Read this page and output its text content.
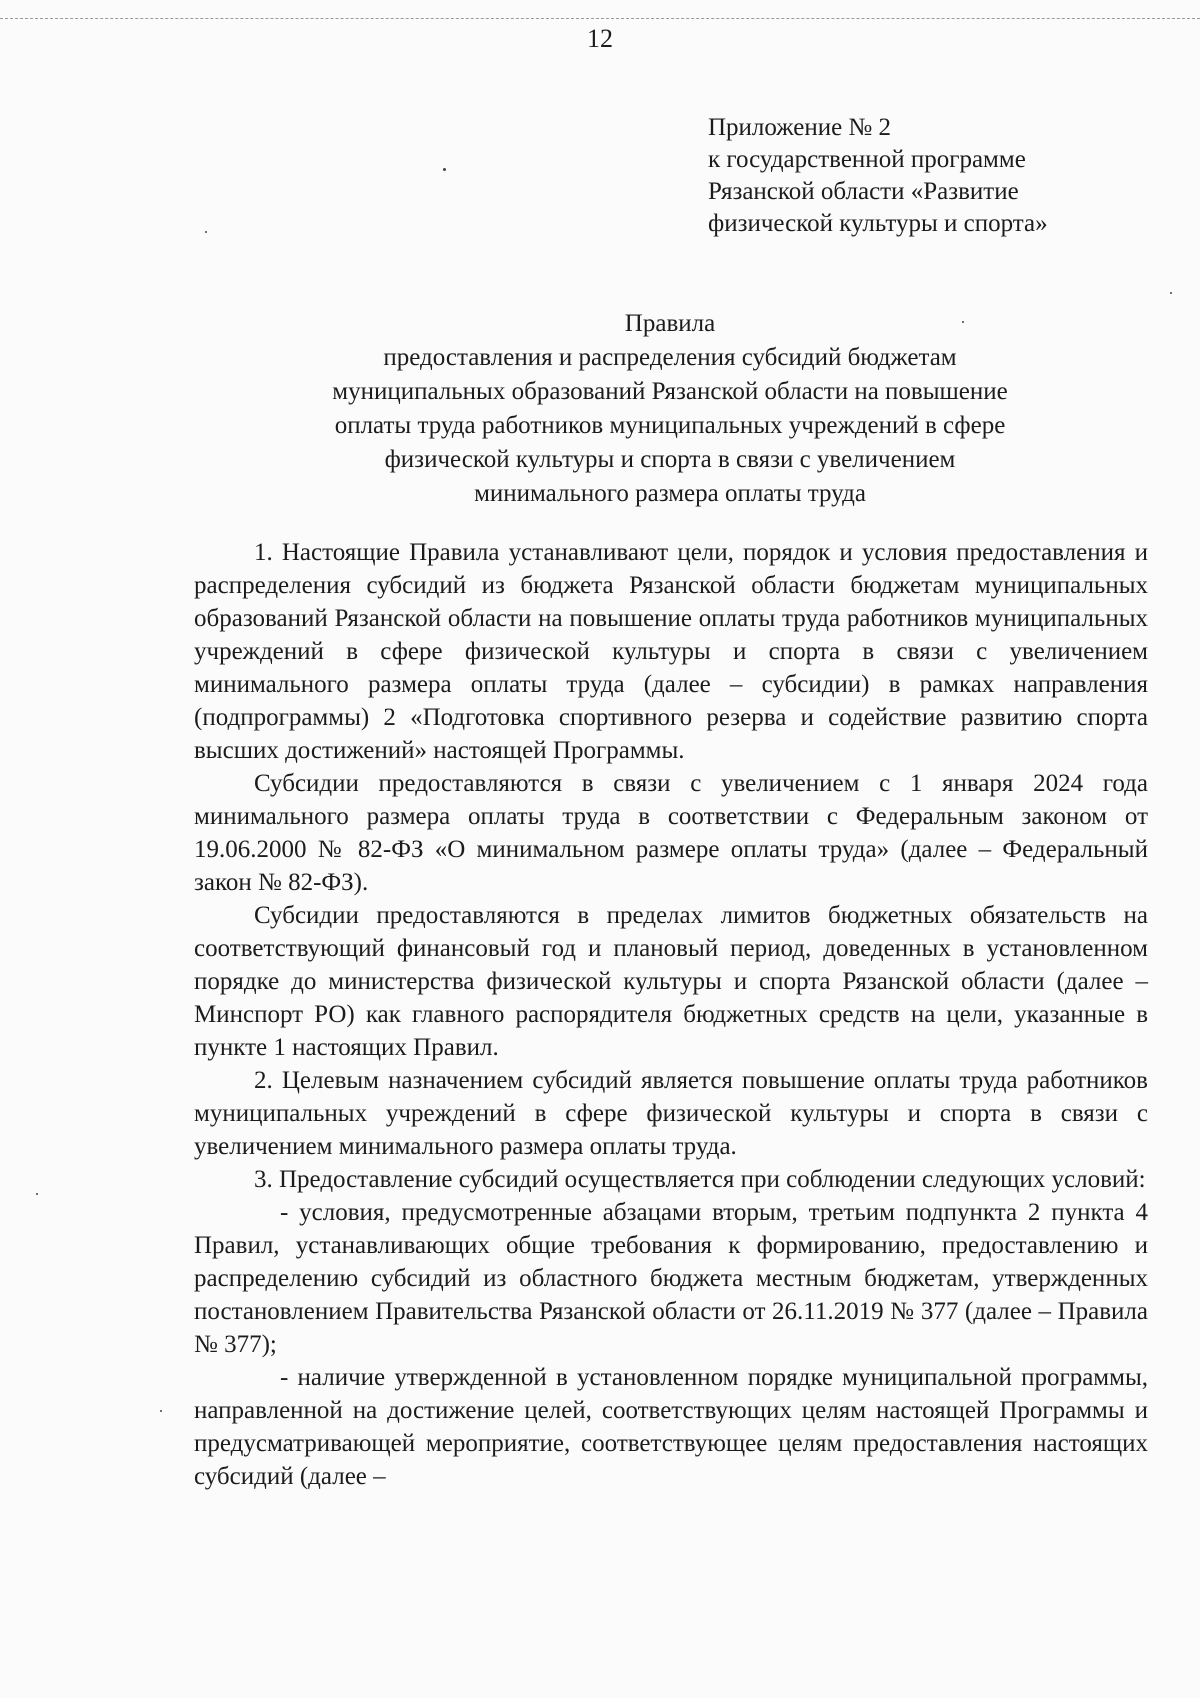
12
Приложение № 2
к государственной программе
Рязанской области «Развитие
физической культуры и спорта»
Правила
предоставления и распределения субсидий бюджетам
муниципальных образований Рязанской области на повышение
оплаты труда работников муниципальных учреждений в сфере
физической культуры и спорта в связи с увеличением
минимального размера оплаты труда

1. Настоящие Правила устанавливают цели, порядок и условия предоставления и распределения субсидий из бюджета Рязанской области бюджетам муниципальных образований Рязанской области на повышение оплаты труда работников муниципальных учреждений в сфере физической культуры и спорта в связи с увеличением минимального размера оплаты труда (далее – субсидии) в рамках направления (подпрограммы) 2 «Подготовка спортивного резерва и содействие развитию спорта высших достижений» настоящей Программы.

Субсидии предоставляются в связи с увеличением с 1 января 2024 года минимального размера оплаты труда в соответствии с Федеральным законом от 19.06.2000 № 82-ФЗ «О минимальном размере оплаты труда» (далее – Федеральный закон № 82-ФЗ).

Субсидии предоставляются в пределах лимитов бюджетных обязательств на соответствующий финансовый год и плановый период, доведенных в установленном порядке до министерства физической культуры и спорта Рязанской области (далее – Минспорт РО) как главного распорядителя бюджетных средств на цели, указанные в пункте 1 настоящих Правил.

2. Целевым назначением субсидий является повышение оплаты труда работников муниципальных учреждений в сфере физической культуры и спорта в связи с увеличением минимального размера оплаты труда.

3. Предоставление субсидий осуществляется при соблюдении следующих условий:

- условия, предусмотренные абзацами вторым, третьим подпункта 2 пункта 4 Правил, устанавливающих общие требования к формированию, предоставлению и распределению субсидий из областного бюджета местным бюджетам, утвержденных постановлением Правительства Рязанской области от 26.11.2019 № 377 (далее – Правила № 377);

- наличие утвержденной в установленном порядке муниципальной программы, направленной на достижение целей, соответствующих целям настоящей Программы и предусматривающей мероприятие, соответствующее целям предоставления настоящих субсидий (далее –
